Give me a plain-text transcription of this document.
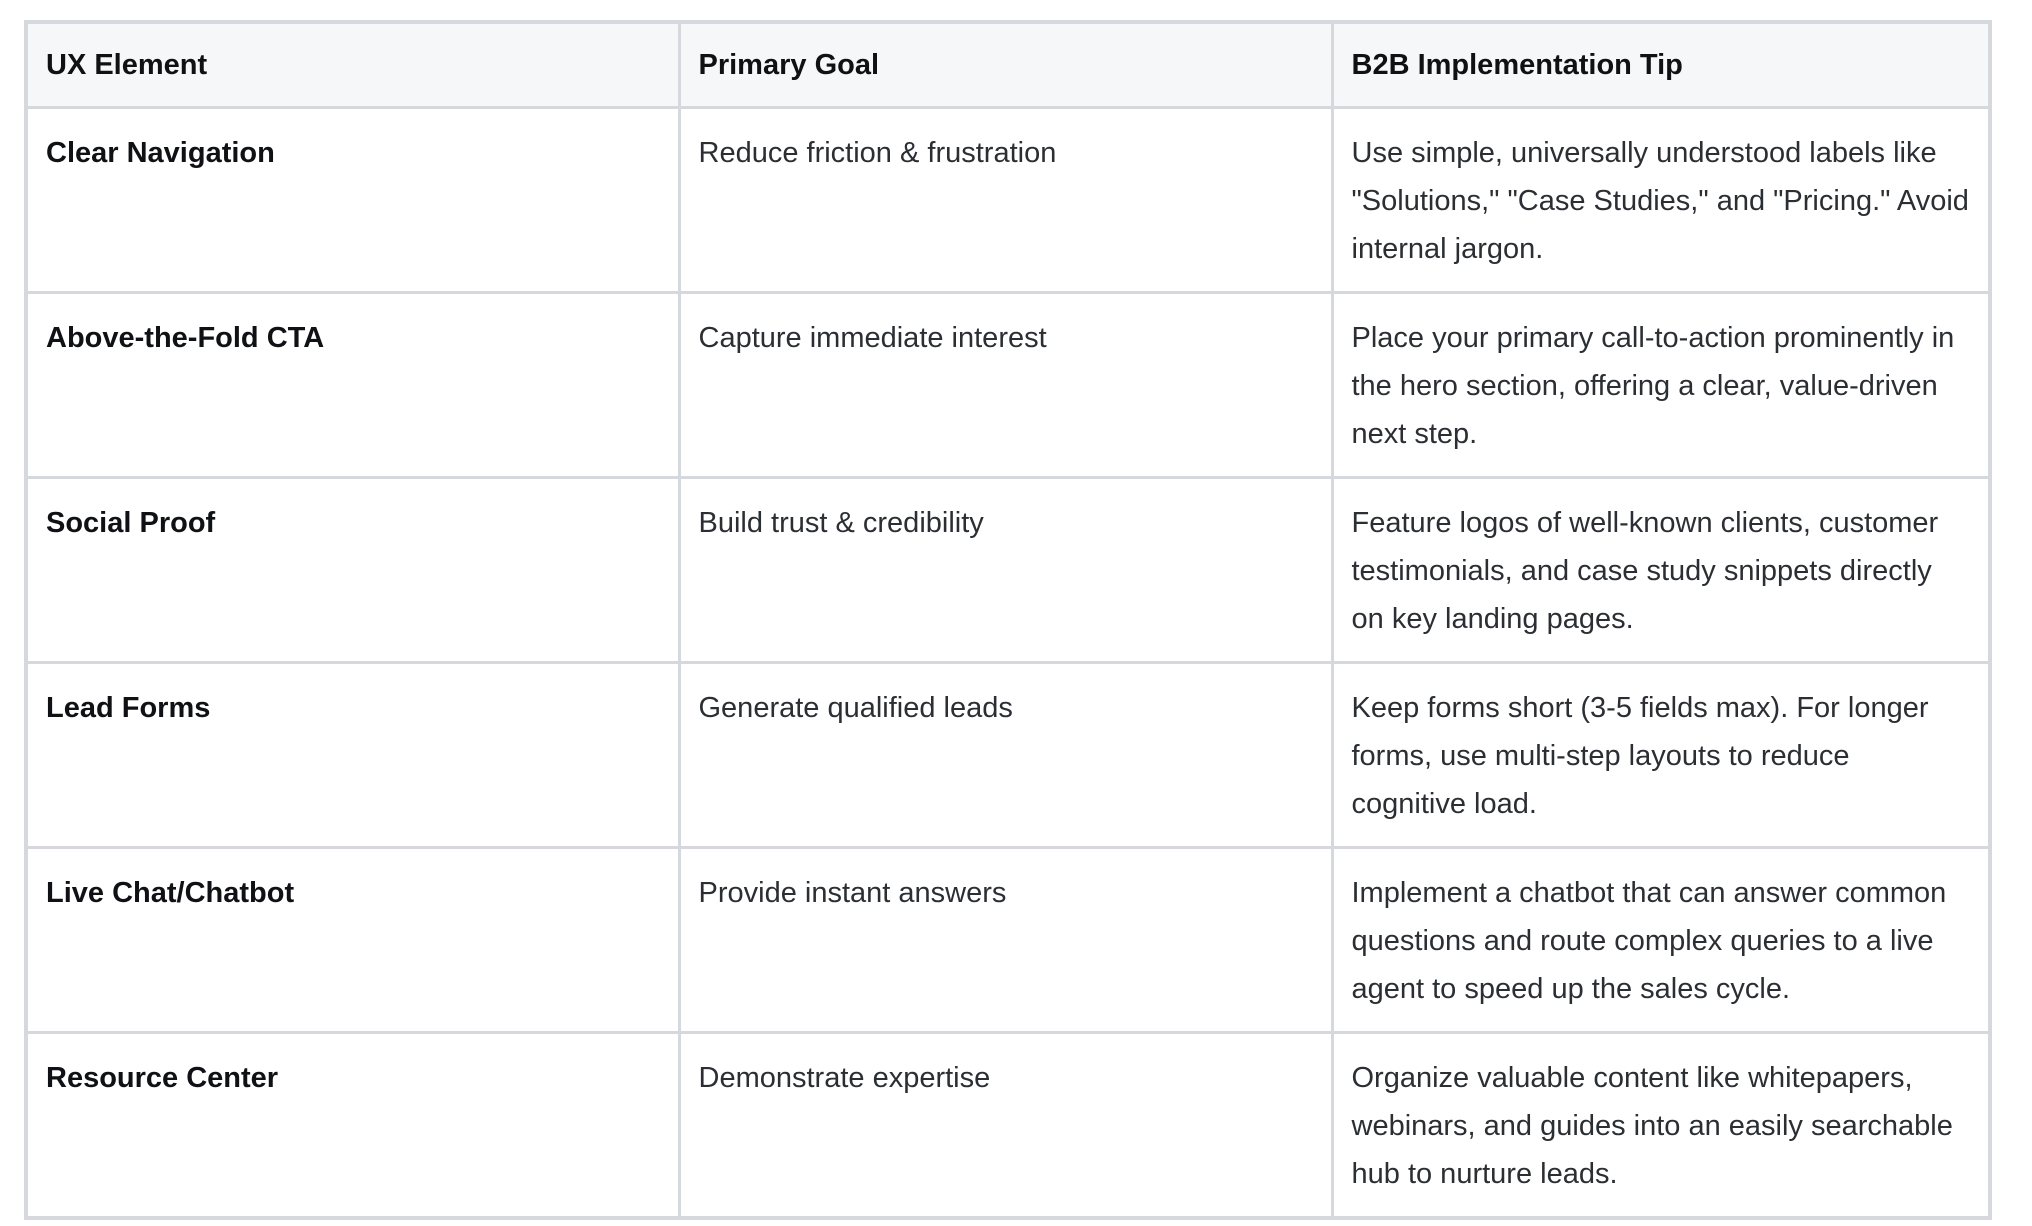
UX Element	Primary Goal	B2B Implementation Tip
Clear Navigation	Reduce friction & frustration	Use simple, universally understood labels like "Solutions," "Case Studies," and "Pricing." Avoid internal jargon.
Above-the-Fold CTA	Capture immediate interest	Place your primary call-to-action prominently in the hero section, offering a clear, value-driven next step.
Social Proof	Build trust & credibility	Feature logos of well-known clients, customer testimonials, and case study snippets directly on key landing pages.
Lead Forms	Generate qualified leads	Keep forms short (3-5 fields max). For longer forms, use multi-step layouts to reduce cognitive load.
Live Chat/Chatbot	Provide instant answers	Implement a chatbot that can answer common questions and route complex queries to a live agent to speed up the sales cycle.
Resource Center	Demonstrate expertise	Organize valuable content like whitepapers, webinars, and guides into an easily searchable hub to nurture leads.
